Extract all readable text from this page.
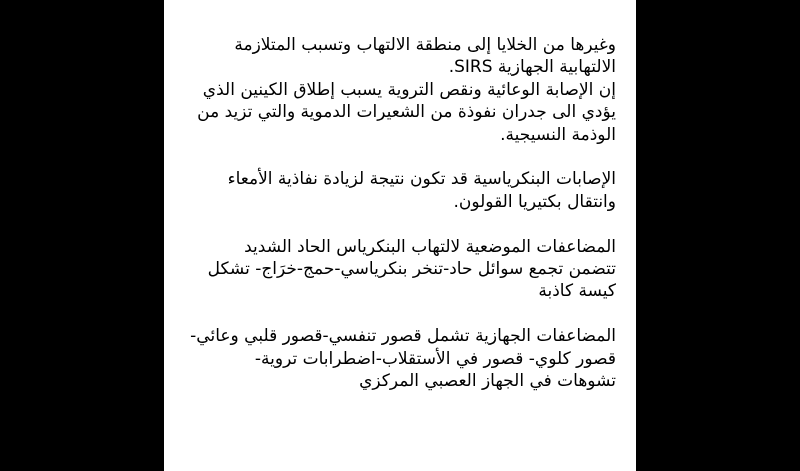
وغيرها من الخلايا إلى منطقة الالتهاب وتسبب المتلازمة
الالتهابية الجهازية SIRS.
إن الإصابة الوعائية ونقص التروية يسبب إطلاق الكينين الذي
يؤدي الى جدران نفوذة من الشعيرات الدموية والتي تزيد من
الوذمة النسيجية.

الإصابات البنكرياسية قد تكون نتيجة لزيادة نفاذية الأمعاء
وانتقال بكتيريا القولون.

المضاعفات الموضعية لالتهاب البنكرياس الحاد الشديد
تتضمن تجمع سوائل حاد-تنخر بنكرياسي-حمج-خرَاج- تشكل
كيسة كاذبة

المضاعفات الجهازية تشمل قصور تنفسي-قصور قلبي وعائي-
قصور كلوي- قصور في الأستقلاب-اضطرابات تروية-
تشوهات في الجهاز العصبي المركزي
